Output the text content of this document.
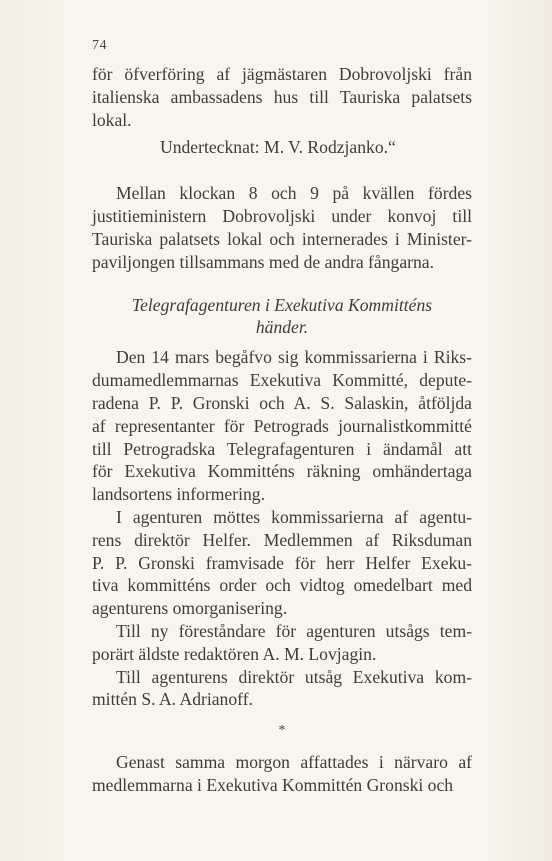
74

för öfverföring af jägmästaren Dobrovoljski från
italienska ambassadens hus till Tauriska palatsets
lokal.

Undertecknat: M. V. Rodzjanko.“

Mellan klockan 8 och 9 på kvällen fördes
justitieministern Dobrovoljski under konvoj till
Tauriska palatsets lokal och internerades i Minister-
paviljongen tillsammans med de andra fångarna.

Telegrafagenturen i Exekutiva Kommitténs
händer.

Den 14 mars begåfvo sig kommissarierna i Riks-
dumamedlemmarnas Exekutiva Kommitté, depute-
radena P. P. Gronski och A. S. Salaskin, åtföljda
af representanter för Petrograds journalistkommitté
till Petrogradska Telegrafagenturen i ändamål att
för Exekutiva Kommitténs räkning omhändertaga
landsortens informering.

I agenturen möttes kommissarierna af agentu-
rens direktör Helfer. Medlemmen af Riksduman
P. P. Gronski framvisade för herr Helfer Exeku-
tiva kommitténs order och vidtog omedelbart med
agenturens omorganisering.

Till ny föreståndare för agenturen utsågs tem-
porärt äldste redaktören A. M. Lovjagin.

Till agenturens direktör utsåg Exekutiva kom-
mittén S. A. Adrianoff.

*

Genast samma morgon affattades i närvaro af
medlemmarna i Exekutiva Kommittén Gronski och
